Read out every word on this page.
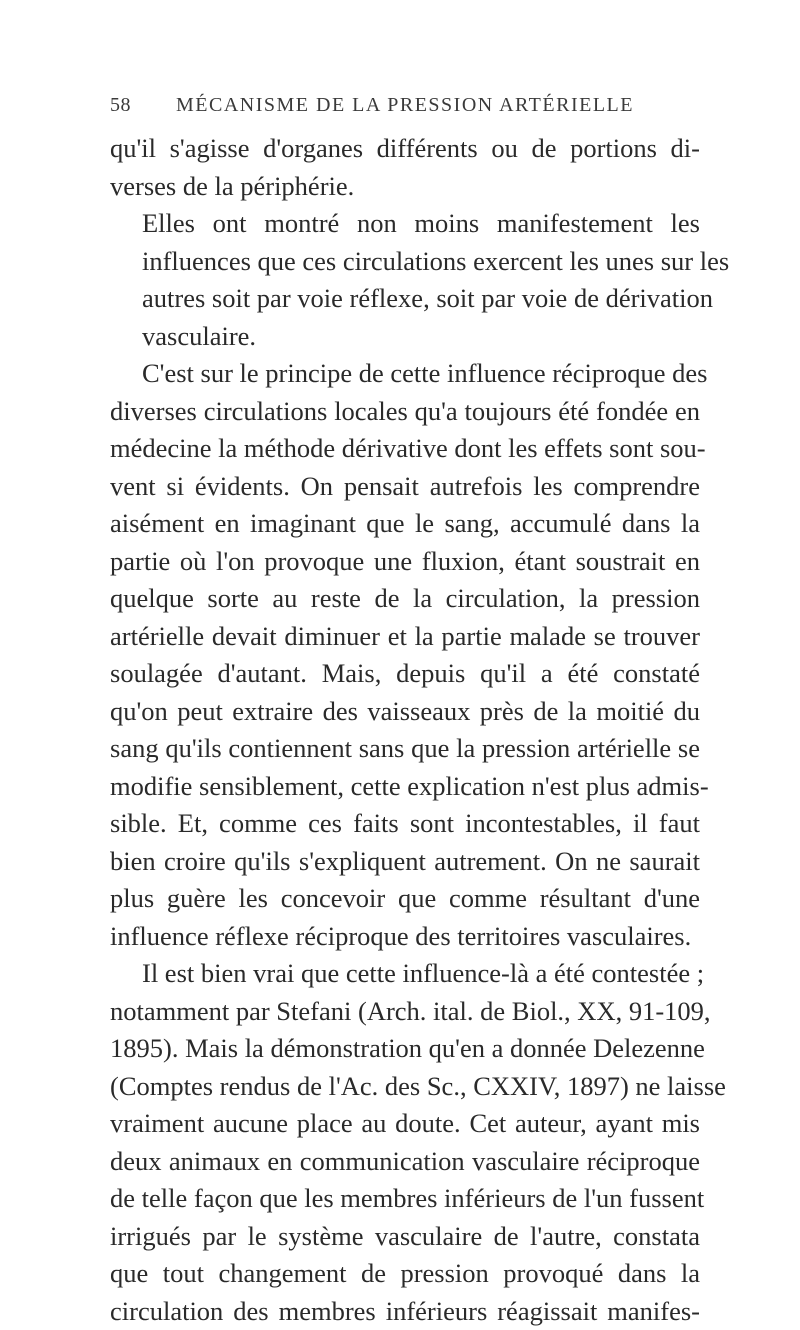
58	MÉCANISME DE LA PRESSION ARTÉRIELLE

qu'il s'agisse d'organes différents ou de portions di-
verses de la périphérie.

Elles ont montré non moins manifestement les
influences que ces circulations exercent les unes sur les
autres soit par voie réflexe, soit par voie de dérivation
vasculaire.

C'est sur le principe de cette influence réciproque des
diverses circulations locales qu'a toujours été fondée en
médecine la méthode dérivative dont les effets sont sou-
vent si évidents. On pensait autrefois les comprendre
aisément en imaginant que le sang, accumulé dans la
partie où l'on provoque une fluxion, étant soustrait en
quelque sorte au reste de la circulation, la pression
artérielle devait diminuer et la partie malade se trouver
soulagée d'autant. Mais, depuis qu'il a été constaté
qu'on peut extraire des vaisseaux près de la moitié du
sang qu'ils contiennent sans que la pression artérielle se
modifie sensiblement, cette explication n'est plus admis-
sible. Et, comme ces faits sont incontestables, il faut
bien croire qu'ils s'expliquent autrement. On ne saurait
plus guère les concevoir que comme résultant d'une
influence réflexe réciproque des territoires vasculaires.

Il est bien vrai que cette influence-là a été contestée ;
notamment par Stefani (Arch. ital. de Biol., XX, 91-109,
1895). Mais la démonstration qu'en a donnée Delezenne
(Comptes rendus de l'Ac. des Sc., CXXIV, 1897) ne laisse
vraiment aucune place au doute. Cet auteur, ayant mis
deux animaux en communication vasculaire réciproque
de telle façon que les membres inférieurs de l'un fussent
irrigués par le système vasculaire de l'autre, constata
que tout changement de pression provoqué dans la
circulation des membres inférieurs réagissait manifes-
